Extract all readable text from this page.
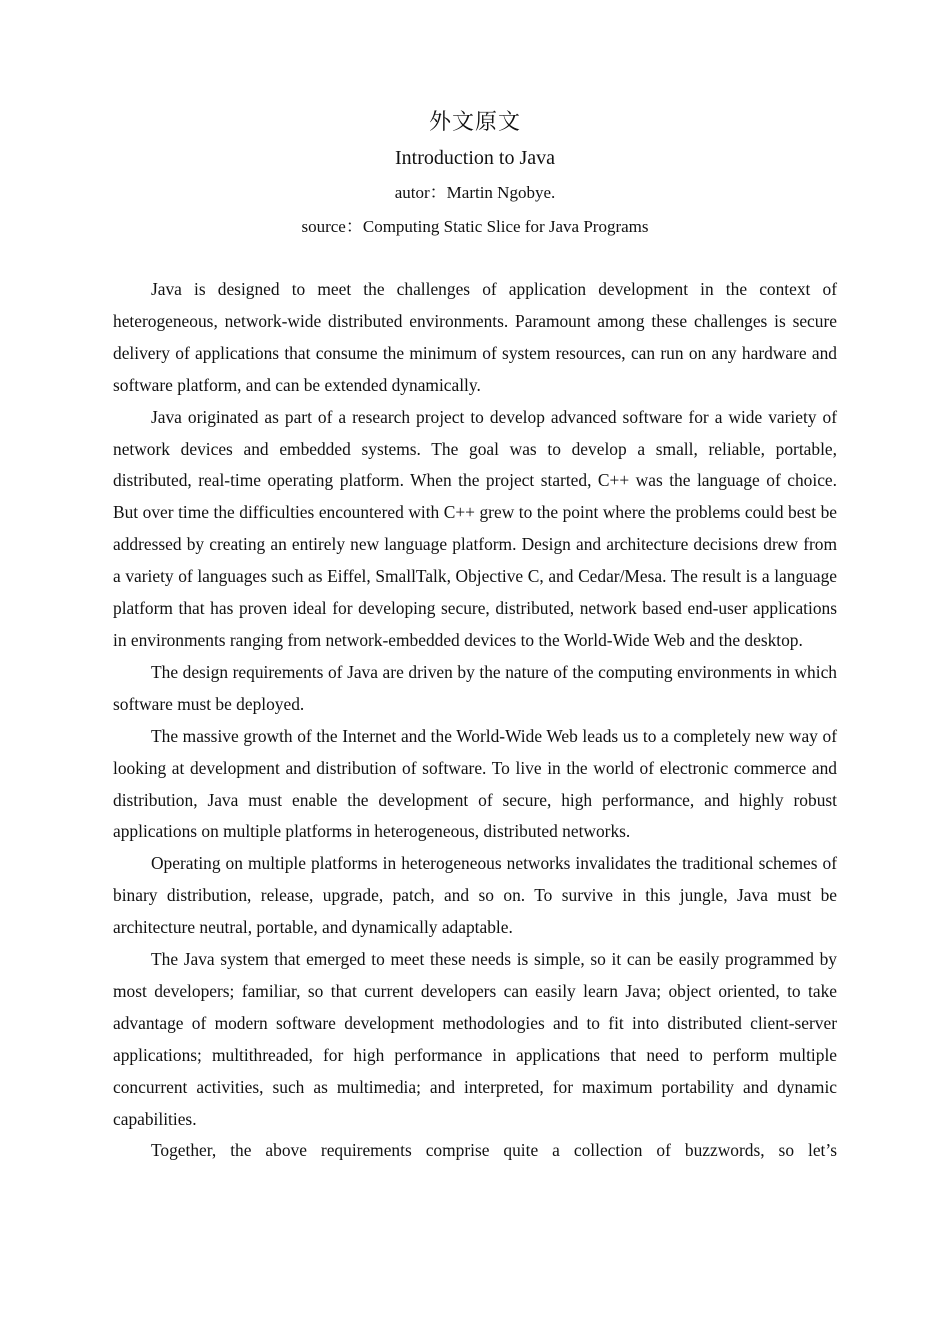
外文原文
Introduction to Java
autor：Martin Ngobye.
source：Computing Static Slice for Java Programs

Java is designed to meet the challenges of application development in the context of heterogeneous, network-wide distributed environments. Paramount among these challenges is secure delivery of applications that consume the minimum of system resources, can run on any hardware and software platform, and can be extended dynamically.

Java originated as part of a research project to develop advanced software for a wide variety of network devices and embedded systems. The goal was to develop a small, reliable, portable, distributed, real-time operating platform. When the project started, C++ was the language of choice. But over time the difficulties encountered with C++ grew to the point where the problems could best be addressed by creating an entirely new language platform. Design and architecture decisions drew from a variety of languages such as Eiffel, SmallTalk, Objective C, and Cedar/Mesa. The result is a language platform that has proven ideal for developing secure, distributed, network based end-user applications in environments ranging from network-embedded devices to the World-Wide Web and the desktop.

The design requirements of Java are driven by the nature of the computing environments in which software must be deployed.

The massive growth of the Internet and the World-Wide Web leads us to a completely new way of looking at development and distribution of software. To live in the world of electronic commerce and distribution, Java must enable the development of secure, high performance, and highly robust applications on multiple platforms in heterogeneous, distributed networks.

Operating on multiple platforms in heterogeneous networks invalidates the traditional schemes of binary distribution, release, upgrade, patch, and so on. To survive in this jungle, Java must be architecture neutral, portable, and dynamically adaptable.

The Java system that emerged to meet these needs is simple, so it can be easily programmed by most developers; familiar, so that current developers can easily learn Java; object oriented, to take advantage of modern software development methodologies and to fit into distributed client-server applications; multithreaded, for high performance in applications that need to perform multiple concurrent activities, such as multimedia; and interpreted, for maximum portability and dynamic capabilities.

Together, the above requirements comprise quite a collection of buzzwords, so let’s
